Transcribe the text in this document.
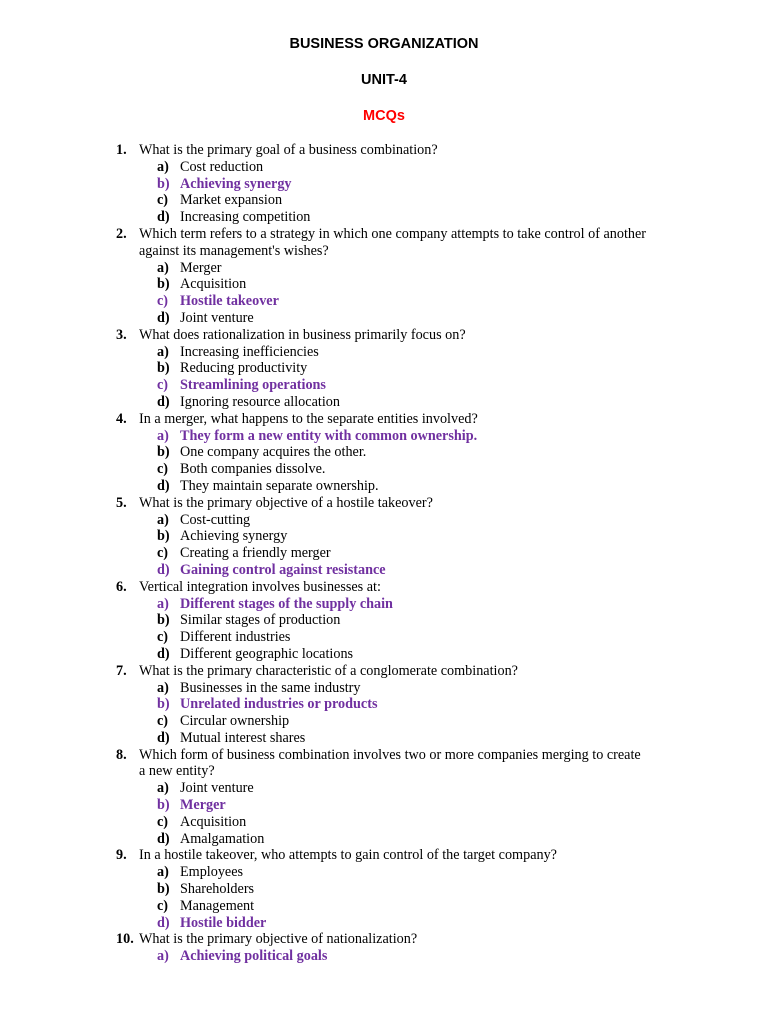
BUSINESS ORGANIZATION
UNIT-4
MCQs
1. What is the primary goal of a business combination?
a) Cost reduction
b) Achieving synergy
c) Market expansion
d) Increasing competition
2. Which term refers to a strategy in which one company attempts to take control of another against its management's wishes?
a) Merger
b) Acquisition
c) Hostile takeover
d) Joint venture
3. What does rationalization in business primarily focus on?
a) Increasing inefficiencies
b) Reducing productivity
c) Streamlining operations
d) Ignoring resource allocation
4. In a merger, what happens to the separate entities involved?
a) They form a new entity with common ownership.
b) One company acquires the other.
c) Both companies dissolve.
d) They maintain separate ownership.
5. What is the primary objective of a hostile takeover?
a) Cost-cutting
b) Achieving synergy
c) Creating a friendly merger
d) Gaining control against resistance
6. Vertical integration involves businesses at:
a) Different stages of the supply chain
b) Similar stages of production
c) Different industries
d) Different geographic locations
7. What is the primary characteristic of a conglomerate combination?
a) Businesses in the same industry
b) Unrelated industries or products
c) Circular ownership
d) Mutual interest shares
8. Which form of business combination involves two or more companies merging to create a new entity?
a) Joint venture
b) Merger
c) Acquisition
d) Amalgamation
9. In a hostile takeover, who attempts to gain control of the target company?
a) Employees
b) Shareholders
c) Management
d) Hostile bidder
10. What is the primary objective of nationalization?
a) Achieving political goals
